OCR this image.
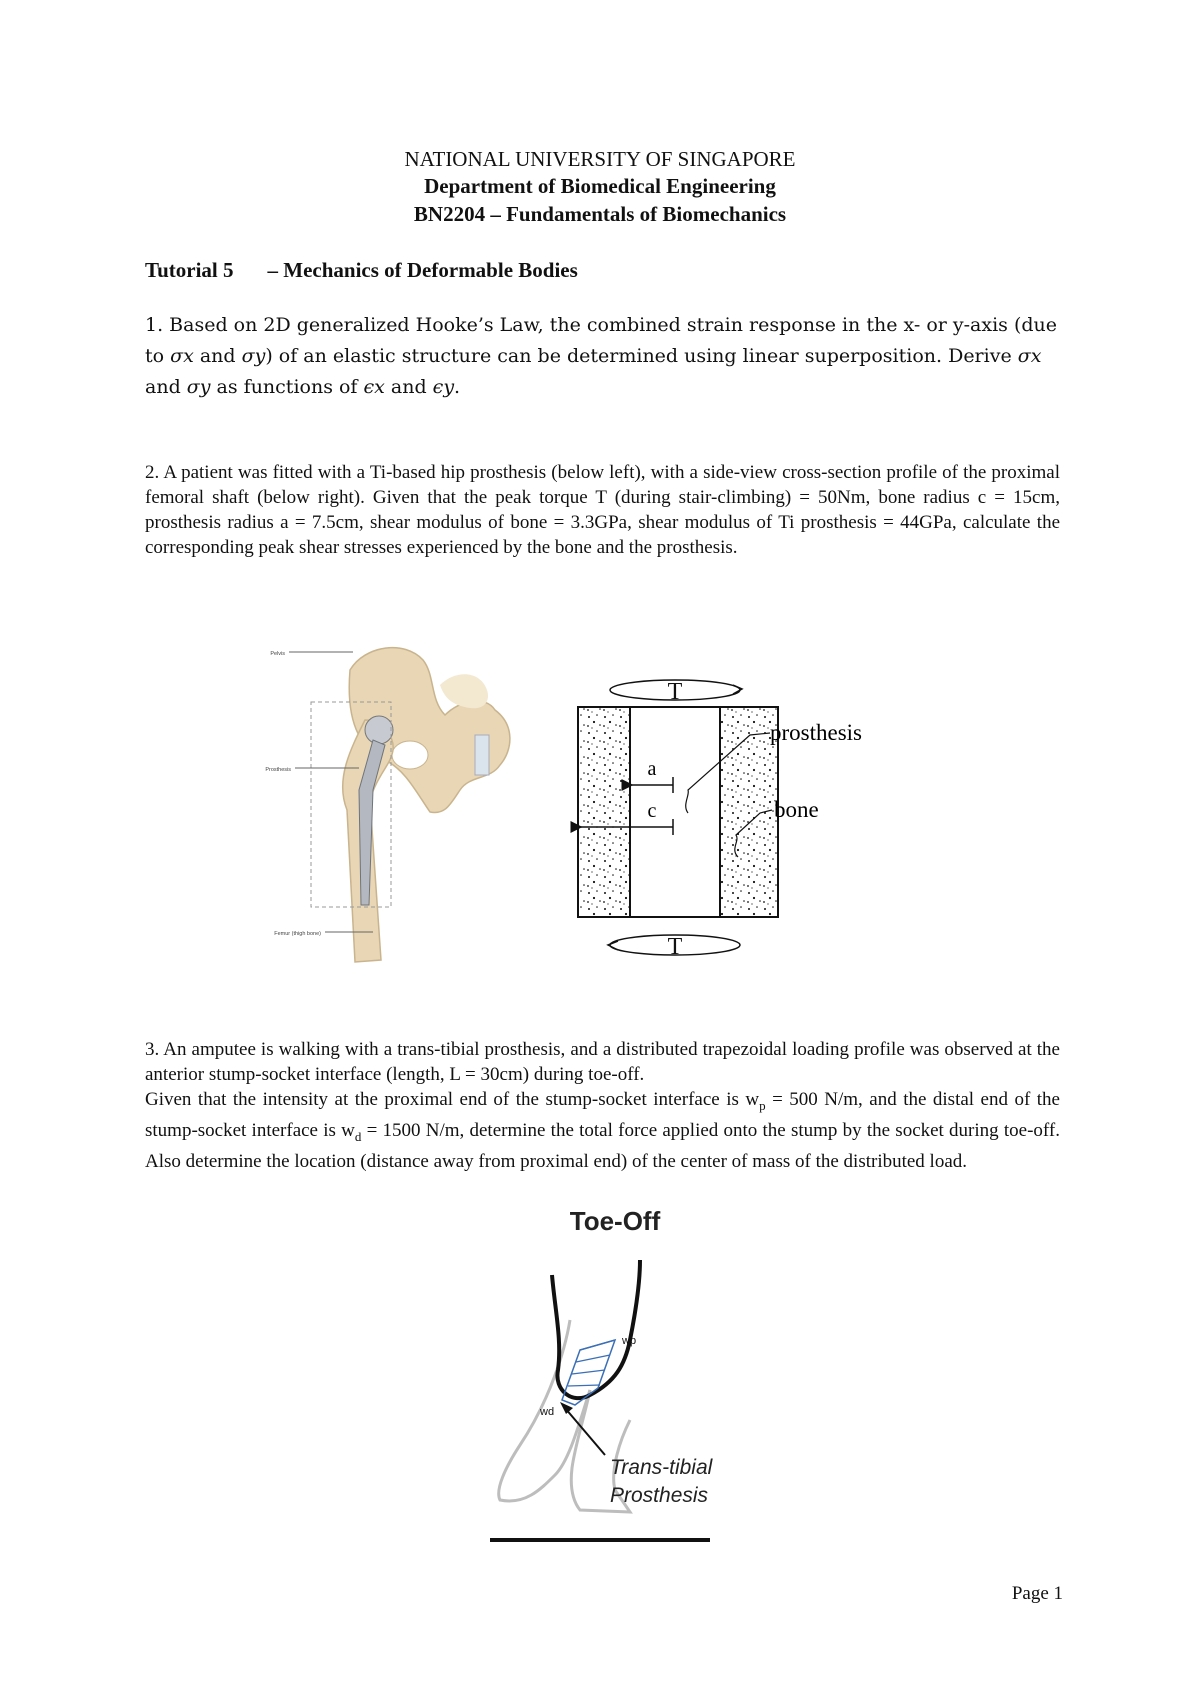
NATIONAL UNIVERSITY OF SINGAPORE
Department of Biomedical Engineering
BN2204 – Fundamentals of Biomechanics
Tutorial 5 – Mechanics of Deformable Bodies
1. Based on 2D generalized Hooke’s Law, the combined strain response in the x- or y-axis (due to σx and σy) of an elastic structure can be determined using linear superposition. Derive σx and σy as functions of ϵx and ϵy.
2. A patient was fitted with a Ti-based hip prosthesis (below left), with a side-view cross-section profile of the proximal femoral shaft (below right). Given that the peak torque T (during stair-climbing) = 50Nm, bone radius c = 15cm, prosthesis radius a = 7.5cm, shear modulus of bone = 3.3GPa, shear modulus of Ti prosthesis = 44GPa, calculate the corresponding peak shear stresses experienced by the bone and the prosthesis.
Pelvis
Prosthesis
Femur (thigh bone)
T
a
c
prosthesis
bone
T

3. An amputee is walking with a trans-tibial prosthesis, and a distributed trapezoidal loading profile was observed at the anterior stump-socket interface (length, L = 30cm) during toe-off.

Given that the intensity at the proximal end of the stump-socket interface is $w_p = 500$ N/m, and the distal end of the stump-socket interface is $w_d = 1500$ N/m, determine the total force applied onto the stump by the socket during toe-off. Also determine the location (distance away from proximal end) of the center of mass of the distributed load.

Toe-Off
wp
wd
Trans-tibial
Prosthesis
Page 1
